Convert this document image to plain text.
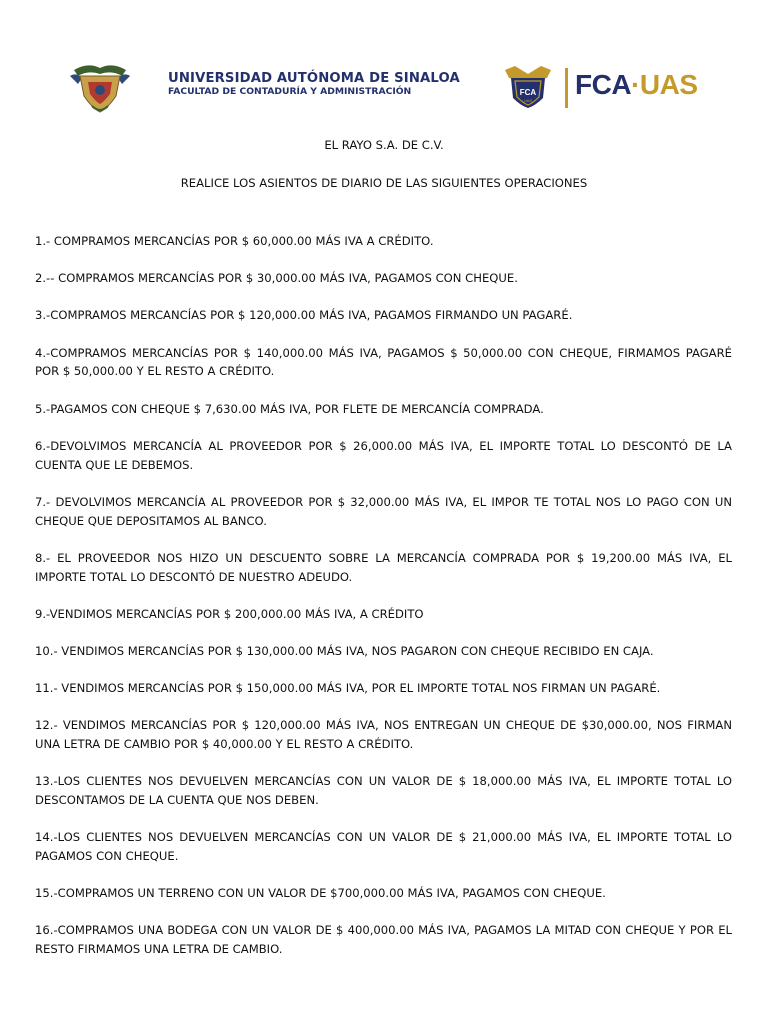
UNIVERSIDAD AUTÓNOMA DE SINALOA
FACULTAD DE CONTADURÍA Y ADMINISTRACIÓN	FCA
UAS
FCA·UAS
EL RAYO S.A. DE C.V.
REALICE LOS ASIENTOS DE DIARIO DE LAS SIGUIENTES OPERACIONES

1.- COMPRAMOS MERCANCÍAS POR $ 60,000.00 MÁS IVA A CRÉDITO.

2.-- COMPRAMOS MERCANCÍAS POR $ 30,000.00 MÁS IVA, PAGAMOS CON CHEQUE.

3.-COMPRAMOS MERCANCÍAS POR $ 120,000.00 MÁS IVA, PAGAMOS FIRMANDO UN PAGARÉ.

4.-COMPRAMOS MERCANCÍAS POR $ 140,000.00 MÁS IVA, PAGAMOS $ 50,000.00 CON CHEQUE, FIRMAMOS PAGARÉ POR $ 50,000.00 Y EL RESTO A CRÉDITO.

5.-PAGAMOS CON CHEQUE $ 7,630.00 MÁS IVA, POR FLETE DE MERCANCÍA COMPRADA.

6.-DEVOLVIMOS MERCANCÍA AL PROVEEDOR POR $ 26,000.00 MÁS IVA, EL IMPORTE TOTAL LO DESCONTÓ DE LA CUENTA QUE LE DEBEMOS.

7.- DEVOLVIMOS MERCANCÍA AL PROVEEDOR POR $ 32,000.00 MÁS IVA, EL IMPOR TE TOTAL NOS LO PAGO CON UN CHEQUE QUE DEPOSITAMOS AL BANCO.

8.- EL PROVEEDOR NOS HIZO UN DESCUENTO SOBRE LA MERCANCÍA COMPRADA POR $ 19,200.00 MÁS IVA, EL IMPORTE TOTAL LO DESCONTÓ DE NUESTRO ADEUDO.

9.-VENDIMOS MERCANCÍAS POR $ 200,000.00 MÁS IVA, A CRÉDITO

10.- VENDIMOS MERCANCÍAS POR $ 130,000.00 MÁS IVA, NOS PAGARON CON CHEQUE RECIBIDO EN CAJA.

11.- VENDIMOS MERCANCÍAS POR $ 150,000.00 MÁS IVA, POR EL IMPORTE TOTAL NOS FIRMAN UN PAGARÉ.

12.- VENDIMOS MERCANCÍAS POR $ 120,000.00 MÁS IVA, NOS ENTREGAN UN CHEQUE DE $30,000.00, NOS FIRMAN UNA LETRA DE CAMBIO POR $ 40,000.00 Y EL RESTO A CRÉDITO.

13.-LOS CLIENTES NOS DEVUELVEN MERCANCÍAS CON UN VALOR DE $ 18,000.00 MÁS IVA, EL IMPORTE TOTAL LO DESCONTAMOS DE LA CUENTA QUE NOS DEBEN.

14.-LOS CLIENTES NOS DEVUELVEN MERCANCÍAS CON UN VALOR DE $ 21,000.00 MÁS IVA, EL IMPORTE TOTAL LO PAGAMOS CON CHEQUE.

15.-COMPRAMOS UN TERRENO CON UN VALOR DE $700,000.00 MÁS IVA, PAGAMOS CON CHEQUE.

16.-COMPRAMOS UNA BODEGA CON UN VALOR DE $ 400,000.00 MÁS IVA, PAGAMOS LA MITAD CON CHEQUE Y POR EL RESTO FIRMAMOS UNA LETRA DE CAMBIO.
